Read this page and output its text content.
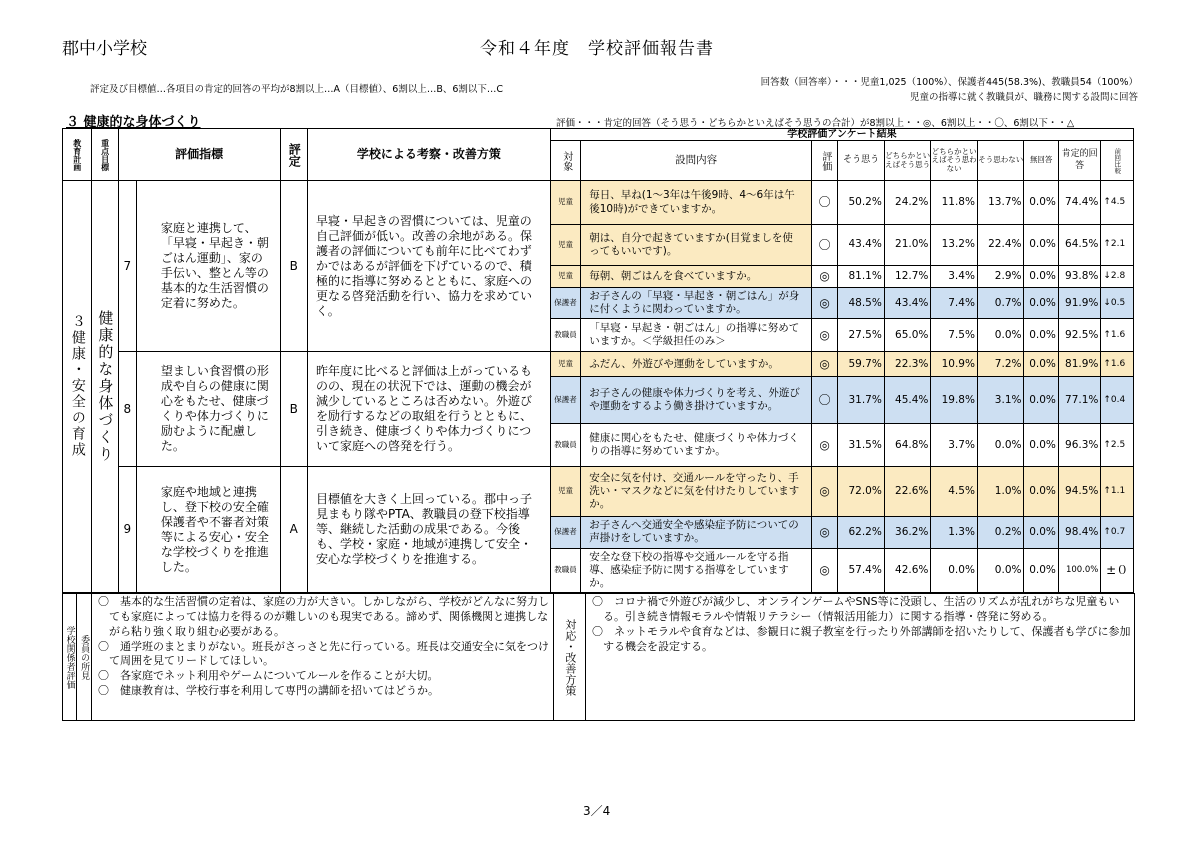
郡中小学校	令和４年度　学校評価報告書
評定及び目標値…各項目の肯定的回答の平均が8割以上…A（目標値）、6割以上…B、6割以下…C
回答数（回答率）・・・児童1,025（100%）、保護者445(58.3%)、教職員54（100%）
児童の指導に就く教職員が、職務に関する設問に回答
３ 健康的な身体づくり	評価・・・肯定的回答（そう思う・どちらかといえばそう思うの合計）が8割以上・・◎、6割以上・・〇、6割以下・・△
教育計画	重点目標	評価指標		評定	学校による考察・改善方策	学校評価アンケート結果									

						対象	設問内容	評価	そう思う	どちらかといえばそう思う	どちらかといえばそう思わない	そう思わない	無回答	肯定的回答	前回比較

３健康・安全の育成	健康的な身体づくり	7	家庭と連携して、「早寝・早起き・朝ごはん運動」、家の手伝い、整とん等の基本的な生活習慣の定着に努めた。	B	早寝・早起きの習慣については、児童の自己評価が低い。改善の余地がある。保護者の評価についても前年に比べてわずかではあるが評価を下げているので、積極的に指導に努めるとともに、家庭への更なる啓発活動を行い、協力を求めていく。	児童	毎日、早ね(1～3年は午後9時、4～6年は午後10時)ができていますか。	〇	50.2%	24.2%	11.8%	13.7%	0.0%	74.4%	↑4.5
						児童	朝は、自分で起きていますか(目覚ましを使ってもいいです)。	〇	43.4%	21.0%	13.2%	22.4%	0.0%	64.5%	↑2.1
						児童	毎朝、朝ごはんを食べていますか。	◎	81.1%	12.7%	3.4%	2.9%	0.0%	93.8%	↓2.8
						保護者	お子さんの「早寝・早起き・朝ごはん」が身に付くように関わっていますか。	◎	48.5%	43.4%	7.4%	0.7%	0.0%	91.9%	↓0.5
						教職員	「早寝・早起き・朝ごはん」の指導に努めていますか。＜学級担任のみ＞	◎	27.5%	65.0%	7.5%	0.0%	0.0%	92.5%	↑1.6
		8	望ましい食習慣の形成や自らの健康に関心をもたせ、健康づくりや体力づくりに励むように配慮した。	B	昨年度に比べると評価は上がっているものの、現在の状況下では、運動の機会が減少しているところは否めない。外遊びを励行するなどの取組を行うとともに、引き続き、健康づくりや体力づくりについて家庭への啓発を行う。	児童	ふだん、外遊びや運動をしていますか。	◎	59.7%	22.3%	10.9%	7.2%	0.0%	81.9%	↑1.6
						保護者	お子さんの健康や体力づくりを考え、外遊びや運動をするよう働き掛けていますか。	〇	31.7%	45.4%	19.8%	3.1%	0.0%	77.1%	↑0.4
						教職員	健康に関心をもたせ、健康づくりや体力づくりの指導に努めていますか。	◎	31.5%	64.8%	3.7%	0.0%	0.0%	96.3%	↑2.5
		9	家庭や地域と連携し、登下校の安全確保護者や不審者対策等による安心・安全な学校づくりを推進した。	A	目標値を大きく上回っている。郡中っ子見まもり隊やPTA、教職員の登下校指導等、継続した活動の成果である。今後も、学校・家庭・地域が連携して安全・安心な学校づくりを推進する。	児童	安全に気を付け、交通ルールを守ったり、手洗い・マスクなどに気を付けたりしていますか。	◎	72.0%	22.6%	4.5%	1.0%	0.0%	94.5%	↑1.1
						保護者	お子さんへ交通安全や感染症予防についての声掛けをしていますか。	◎	62.2%	36.2%	1.3%	0.2%	0.0%	98.4%	↑0.7
						教職員	安全な登下校の指導や交通ルールを守る指導、感染症予防に関する指導をしていますか。	◎	57.4%	42.6%	0.0%	0.0%	0.0%	100.0%	±０
学校関係者評価	委員の所見

〇　基本的な生活習慣の定着は、家庭の力が大きい。しかしながら、学校がどんなに努力しても家庭によっては協力を得るのが難しいのも現実である。諦めず、関係機関と連携しながら粘り強く取り組む必要がある。
〇　通学班のまとまりがない。班長がさっさと先に行っている。班長は交通安全に気をつけて周囲を見てリードしてほしい。
〇　各家庭でネット利用やゲームについてルールを作ることが大切。
〇　健康教育は、学校行事を利用して専門の講師を招いてはどうか。	対応・改善方策

〇　コロナ禍で外遊びが減少し、オンラインゲームやSNS等に没頭し、生活のリズムが乱れがちな児童もいる。引き続き情報モラルや情報リテラシー（情報活用能力）に関する指導・啓発に努める。
〇　ネットモラルや食育などは、参観日に親子教室を行ったり外部講師を招いたりして、保護者も学びに参加する機会を設定する。
3／4
